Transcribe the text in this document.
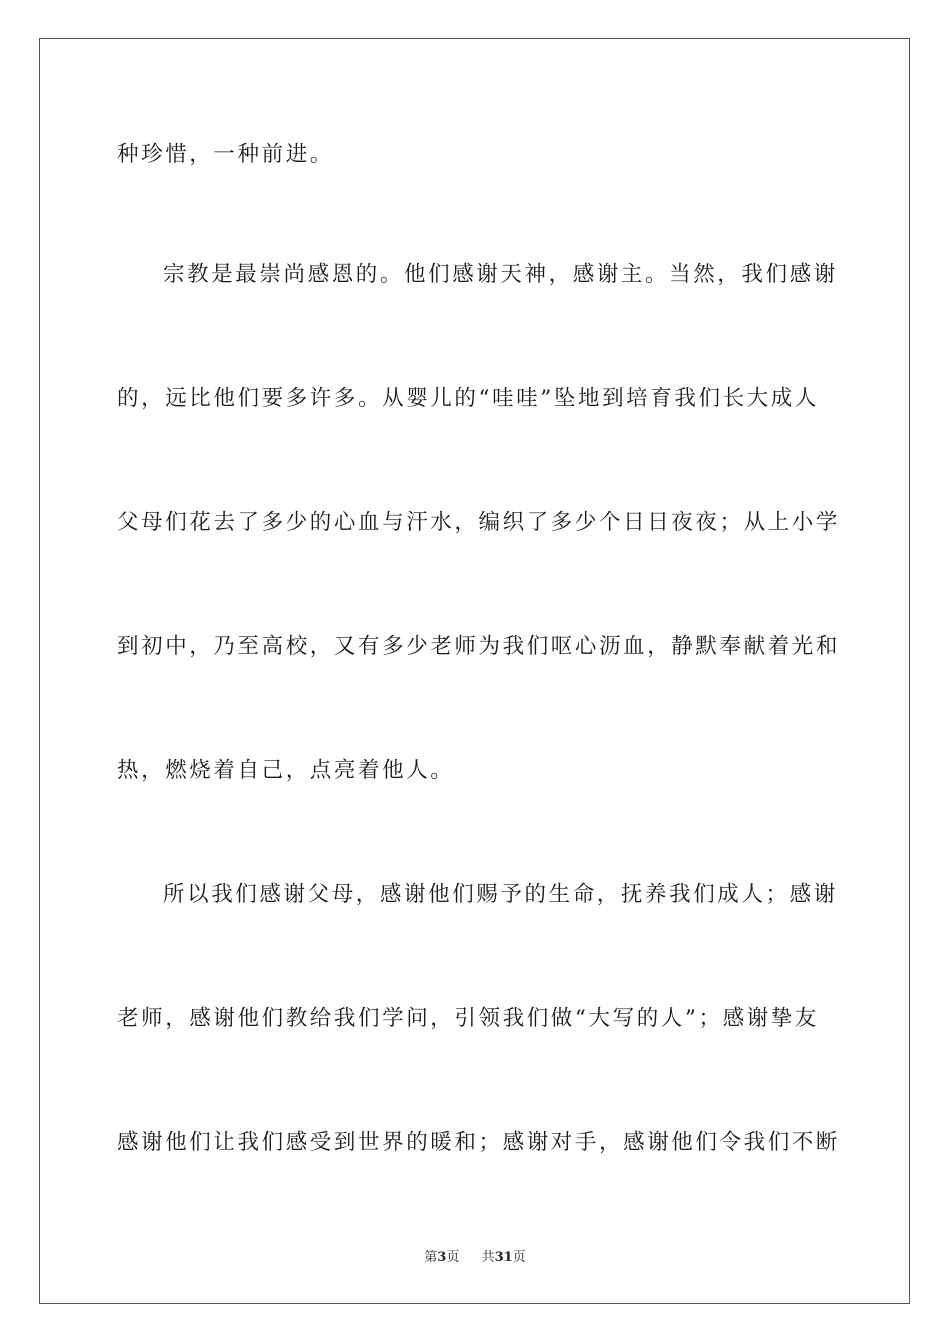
种珍惜，一种前进。
宗教是最崇尚感恩的。他们感谢天神，感谢主。当然，我们感谢
的，远比他们要多许多。从婴儿的“哇哇”坠地到培育我们长大成人
父母们花去了多少的心血与汗水，编织了多少个日日夜夜；从上小学
到初中，乃至高校，又有多少老师为我们呕心沥血，静默奉献着光和
热，燃烧着自己，点亮着他人。
所以我们感谢父母，感谢他们赐予的生命，抚养我们成人；感谢
老师，感谢他们教给我们学问，引领我们做“大写的人”；感谢挚友
感谢他们让我们感受到世界的暖和；感谢对手，感谢他们令我们不断
第3页 共31页
